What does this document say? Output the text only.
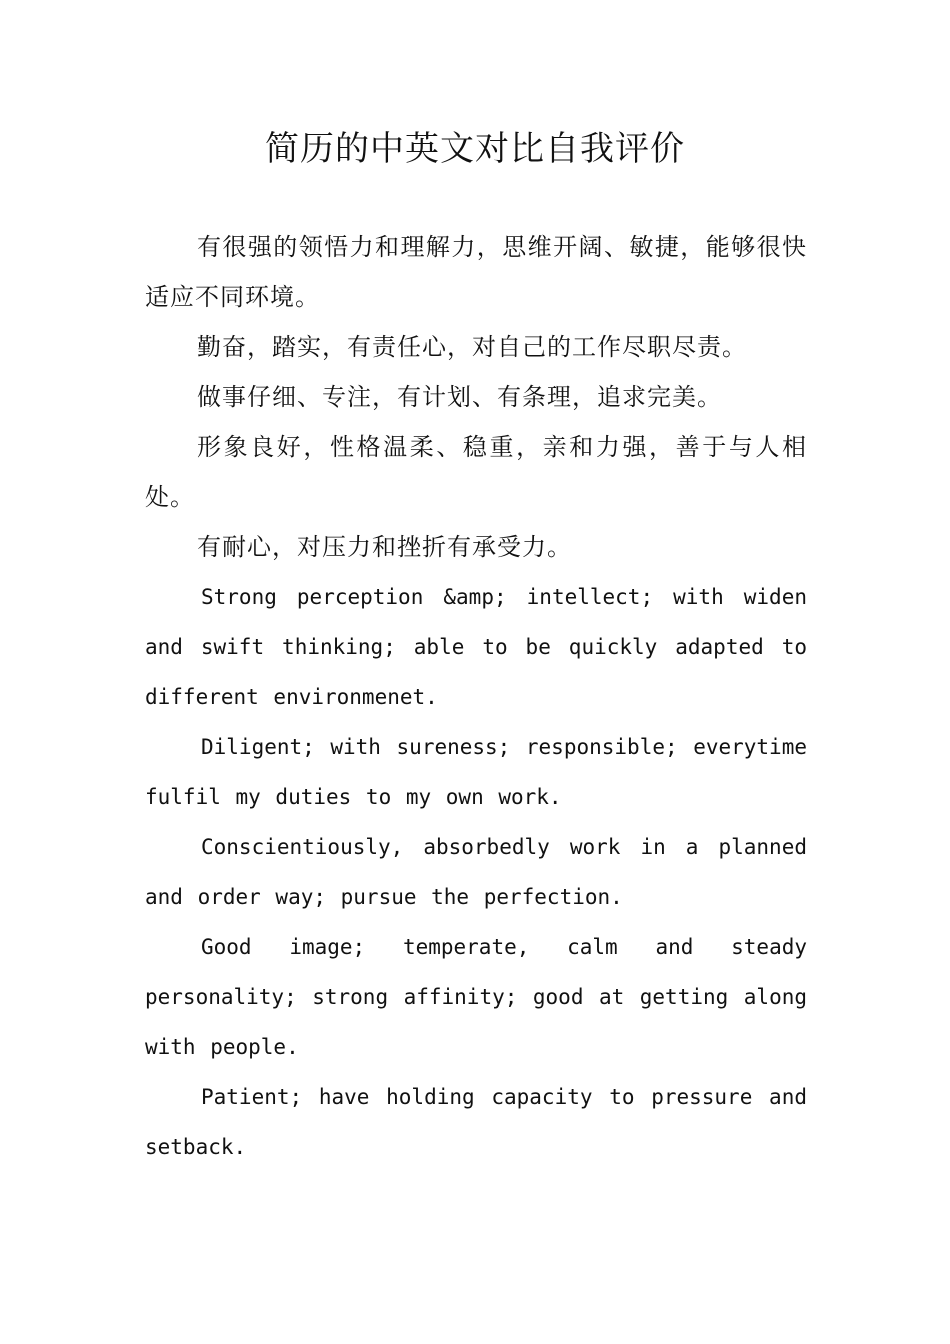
简历的中英文对比自我评价

有很强的领悟力和理解力，思维开阔、敏捷，能够很快适应不同环境。

勤奋，踏实，有责任心，对自己的工作尽职尽责。

做事仔细、专注，有计划、有条理，追求完美。

形象良好，性格温柔、稳重，亲和力强，善于与人相处。

有耐心，对压力和挫折有承受力。

Strong perception &amp; intellect; with widen and swift thinking; able to be quickly adapted to different environmenet.

Diligent; with sureness; responsible; everytime fulfil my duties to my own work.

Conscientiously, absorbedly work in a planned and order way; pursue the perfection.

Good image; temperate, calm and steady personality; strong affinity; good at getting along with people.

Patient; have holding capacity to pressure and setback.
